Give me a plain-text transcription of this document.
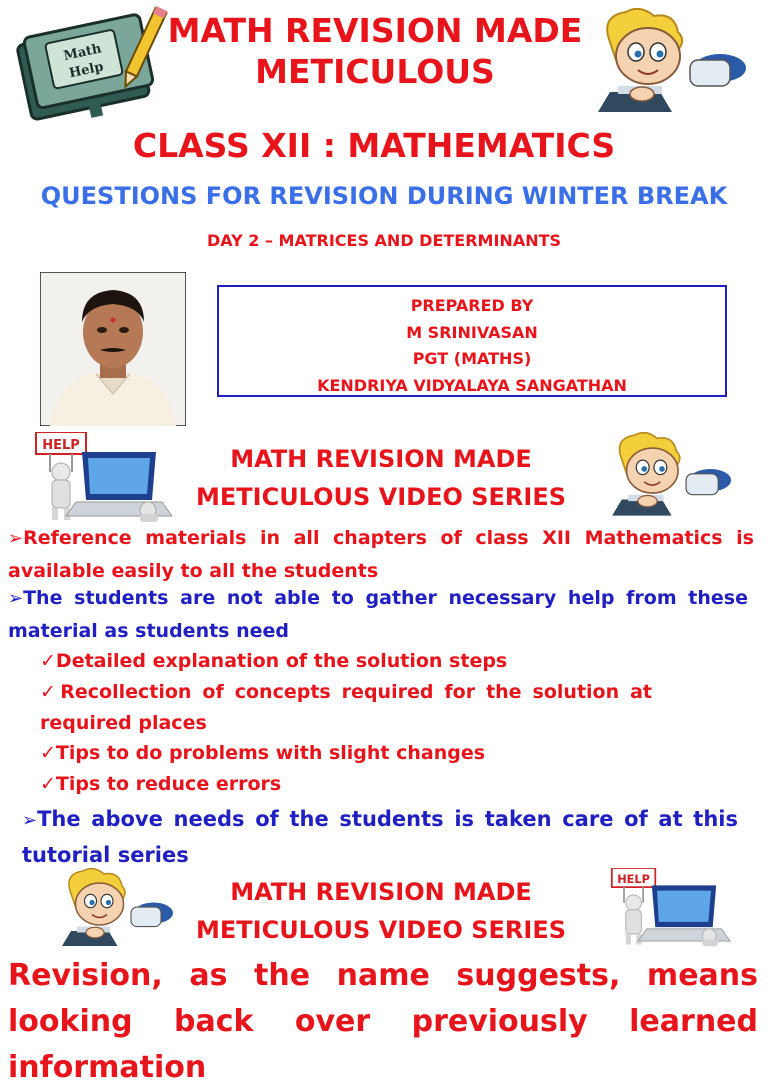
Math
Help
MATH REVISION MADE
METICULOUS
CLASS XII : MATHEMATICS
QUESTIONS FOR REVISION DURING WINTER BREAK
DAY 2 – MATRICES AND DETERMINANTS
PREPARED BY
M SRINIVASAN
PGT (MATHS)
KENDRIYA VIDYALAYA SANGATHAN
HELP	MATH REVISION MADE
METICULOUS VIDEO SERIES
➢Reference materials in all chapters of class XII Mathematics is available easily to all the students
➢The students are not able to gather necessary help from these material as students need
✓Detailed explanation of the solution steps
✓Recollection of concepts required for the solution at required places
✓Tips to do problems with slight changes
✓Tips to reduce errors
➢The above needs of the students is taken care of at this tutorial series
HELP
MATH REVISION MADE
METICULOUS VIDEO SERIES
Revision, as the name suggests, means looking back over previously learned information
